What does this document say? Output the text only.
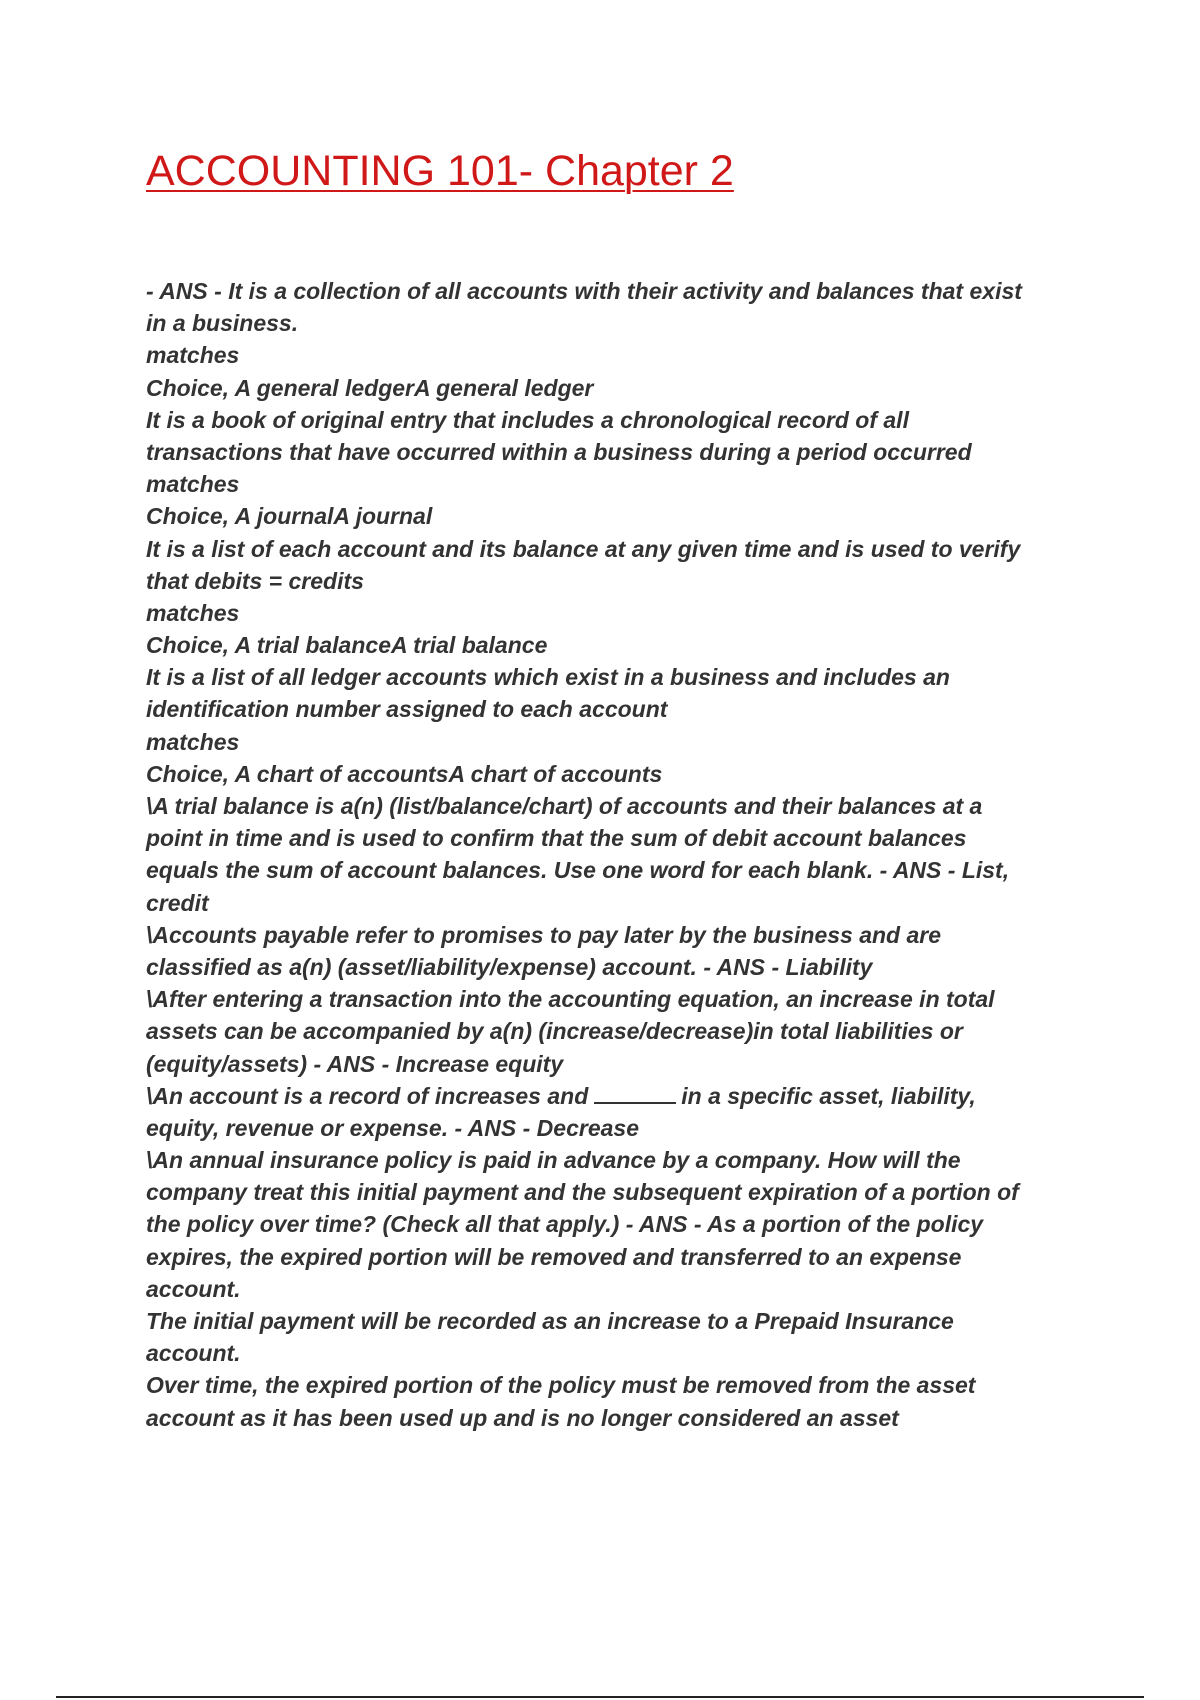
ACCOUNTING 101- Chapter 2
- ANS - It is a collection of all accounts with their activity and balances that exist
in a business.
matches
Choice, A general ledgerA general ledger
It is a book of original entry that includes a chronological record of all
transactions that have occurred within a business during a period occurred
matches
Choice, A journalA journal
It is a list of each account and its balance at any given time and is used to verify
that debits = credits
matches
Choice, A trial balanceA trial balance
It is a list of all ledger accounts which exist in a business and includes an
identification number assigned to each account
matches
Choice, A chart of accountsA chart of accounts
\A trial balance is a(n) (list/balance/chart) of accounts and their balances at a
point in time and is used to confirm that the sum of debit account balances
equals the sum of account balances. Use one word for each blank. - ANS - List,
credit
\Accounts payable refer to promises to pay later by the business and are
classified as a(n) (asset/liability/expense) account. - ANS - Liability
\After entering a transaction into the accounting equation, an increase in total
assets can be accompanied by a(n) (increase/decrease)in total liabilities or
(equity/assets) - ANS - Increase equity
\An account is a record of increases and	in a specific asset, liability,
equity, revenue or expense. - ANS - Decrease
\An annual insurance policy is paid in advance by a company. How will the
company treat this initial payment and the subsequent expiration of a portion of
the policy over time? (Check all that apply.) - ANS - As a portion of the policy
expires, the expired portion will be removed and transferred to an expense
account.
The initial payment will be recorded as an increase to a Prepaid Insurance
account.
Over time, the expired portion of the policy must be removed from the asset
account as it has been used up and is no longer considered an asset
